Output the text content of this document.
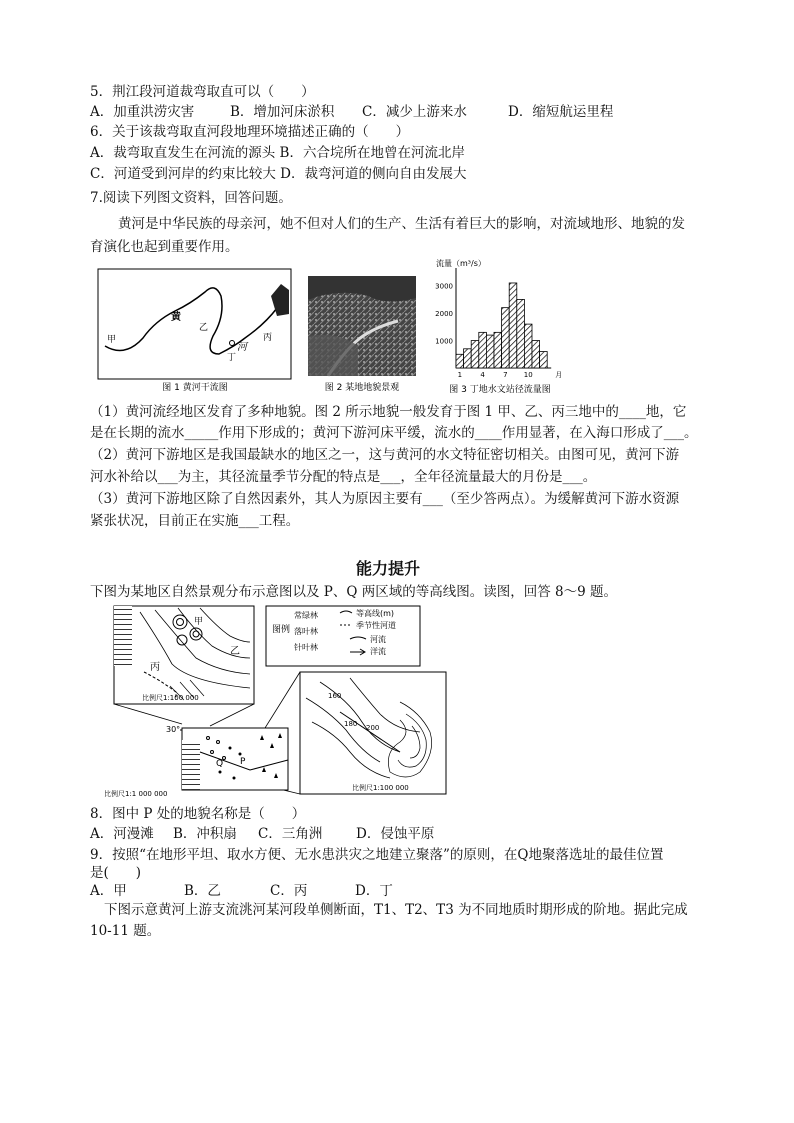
5．荆江段河道裁弯取直可以（　　）
A．加重洪涝灾害	B．增加河床淤积 C．减少上游来水	D．缩短航运里程
6．关于该裁弯取直河段地理环境描述正确的（　　）
A．裁弯取直发生在河流的源头 B．六合垸所在地曾在河流北岸
C．河道受到河岸的约束比较大 D．裁弯河道的侧向自由发展大
7.阅读下列图文资料，回答问题。
黄河是中华民族的母亲河，她不但对人们的生产、生活有着巨大的影响，对流域地形、地貌的发
育演化也起到重要作用。
甲
黄
乙
河
丁
丙
图 1 黄河干流图	图 2 某地地貌景观
流量（m³/s）
1000
2000
3000
1	4	7 10	月
图 3 丁地水文站径流量图
（1）黄河流经地区发育了多种地貌。图 2 所示地貌一般发育于图 1 甲、乙、丙三地中的____地，它
是在长期的流水_____作用下形成的；黄河下游河床平缓，流水的____作用显著，在入海口形成了___。
（2）黄河下游地区是我国最缺水的地区之一，这与黄河的水文特征密切相关。由图可见，黄河下游
河水补给以___为主，其径流量季节分配的特点是___，全年径流量最大的月份是___。
（3）黄河下游地区除了自然因素外，其人为原因主要有___（至少答两点）。为缓解黄河下游水资源
紧张状况，目前正在实施___工程。
能力提升
下图为某地区自然景观分布示意图以及 P、Q 两区域的等高线图。读图，回答 8～9 题。
甲
乙
丙
比例尺1:100 000
图例
常绿林
落叶林
针叶林
等高线(m)
季节性河道
河流
洋流
30°
Q P
比例尺1:1 000 000
160
180 200
比例尺1:100 000
8．图中 P 处的地貌名称是（　　）
A．河漫滩 B．冲积扇 C．三角洲 D．侵蚀平原
9．按照“在地形平坦、取水方便、无水患洪灾之地建立聚落”的原则，在Q地聚落选址的最佳位置
是(　　)
A．甲	B．乙	C．丙	D．丁
下图示意黄河上游支流洮河某河段单侧断面，T1、T2、T3 为不同地质时期形成的阶地。据此完成
10-11 题。
